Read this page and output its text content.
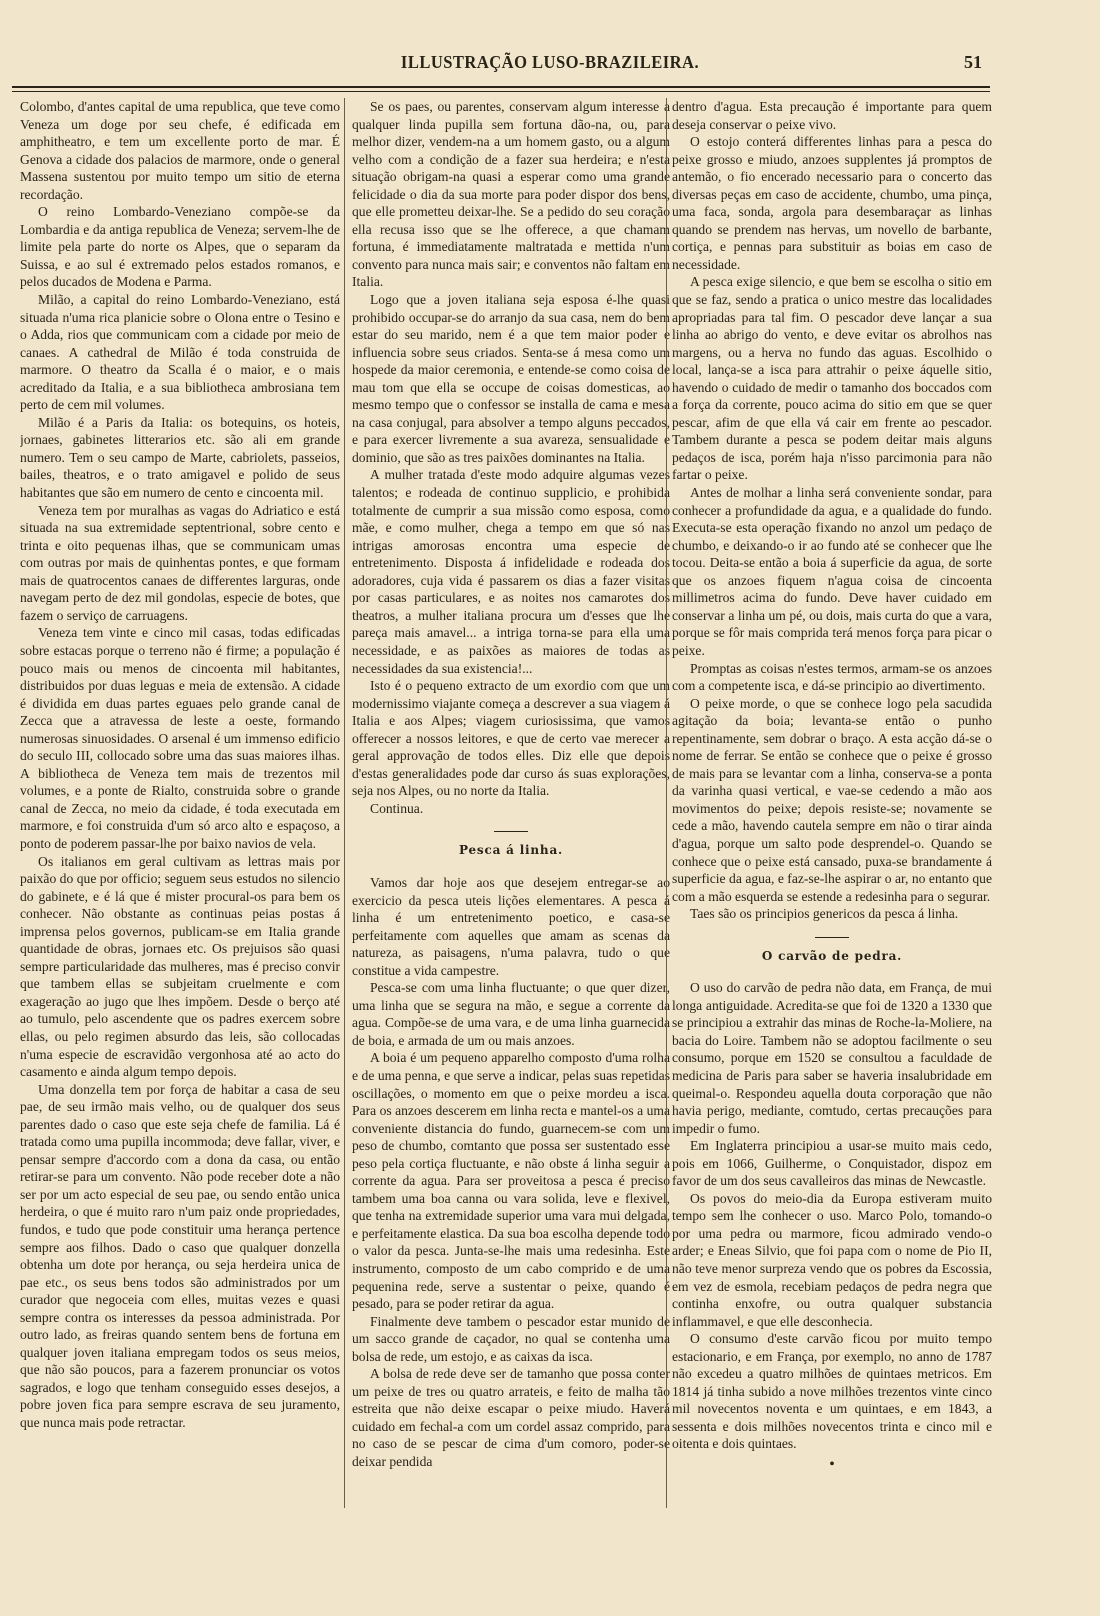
ILLUSTRAÇÃO LUSO-BRAZILEIRA.	51

Colombo, d'antes capital de uma republica, que teve como Veneza um doge por seu chefe, é edificada em amphitheatro, e tem um excellente porto de mar. É Genova a cidade dos palacios de marmore, onde o general Massena sustentou por muito tempo um sitio de eterna recordação.

O reino Lombardo-Veneziano compõe-se da Lombardia e da antiga republica de Veneza; servem-lhe de limite pela parte do norte os Alpes, que o separam da Suissa, e ao sul é extremado pelos estados romanos, e pelos ducados de Modena e Parma.

Milão, a capital do reino Lombardo-Veneziano, está situada n'uma rica planicie sobre o Olona entre o Tesino e o Adda, rios que communicam com a cidade por meio de canaes. A cathedral de Milão é toda construida de marmore. O theatro da Scalla é o maior, e o mais acreditado da Italia, e a sua bibliotheca ambrosiana tem perto de cem mil volumes.

Milão é a Paris da Italia: os botequins, os hoteis, jornaes, gabinetes litterarios etc. são ali em grande numero. Tem o seu campo de Marte, cabriolets, passeios, bailes, theatros, e o trato amigavel e polido de seus habitantes que são em numero de cento e cincoenta mil.

Veneza tem por muralhas as vagas do Adriatico e está situada na sua extremidade septentrional, sobre cento e trinta e oito pequenas ilhas, que se communicam umas com outras por mais de quinhentas pontes, e que formam mais de quatrocentos canaes de differentes larguras, onde navegam perto de dez mil gondolas, especie de botes, que fazem o serviço de carruagens.

Veneza tem vinte e cinco mil casas, todas edificadas sobre estacas porque o terreno não é firme; a população é pouco mais ou menos de cincoenta mil habitantes, distribuidos por duas leguas e meia de extensão. A cidade é dividida em duas partes eguaes pelo grande canal de Zecca que a atravessa de leste a oeste, formando numerosas sinuosidades. O arsenal é um immenso edificio do seculo III, collocado sobre uma das suas maiores ilhas. A bibliotheca de Veneza tem mais de trezentos mil volumes, e a ponte de Rialto, construida sobre o grande canal de Zecca, no meio da cidade, é toda executada em marmore, e foi construida d'um só arco alto e espaçoso, a ponto de poderem passar-lhe por baixo navios de vela.

Os italianos em geral cultivam as lettras mais por paixão do que por officio; seguem seus estudos no silencio do gabinete, e é lá que é mister procural-os para bem os conhecer. Não obstante as continuas peias postas á imprensa pelos governos, publicam-se em Italia grande quantidade de obras, jornaes etc. Os prejuisos são quasi sempre particularidade das mulheres, mas é preciso convir que tambem ellas se subjeitam cruelmente e com exageração ao jugo que lhes impõem. Desde o berço até ao tumulo, pelo ascendente que os padres exercem sobre ellas, ou pelo regimen absurdo das leis, são collocadas n'uma especie de escravidão vergonhosa até ao acto do casamento e ainda algum tempo depois.

Uma donzella tem por força de habitar a casa de seu pae, de seu irmão mais velho, ou de qualquer dos seus parentes dado o caso que este seja chefe de familia. Lá é tratada como uma pupilla incommoda; deve fallar, viver, e pensar sempre d'accordo com a dona da casa, ou então retirar-se para um convento. Não pode receber dote a não ser por um acto especial de seu pae, ou sendo então unica herdeira, o que é muito raro n'um paiz onde propriedades, fundos, e tudo que pode constituir uma herança pertence sempre aos filhos. Dado o caso que qualquer donzella obtenha um dote por herança, ou seja herdeira unica de pae etc., os seus bens todos são administrados por um curador que negoceia com elles, muitas vezes e quasi sempre contra os interesses da pessoa administrada. Por outro lado, as freiras quando sentem bens de fortuna em qualquer joven italiana empregam todos os seus meios, que não são poucos, para a fazerem pronunciar os votos sagrados, e logo que tenham conseguido esses desejos, a pobre joven fica para sempre escrava de seu juramento, que nunca mais pode retractar.

Se os paes, ou parentes, conservam algum interesse a qualquer linda pupilla sem fortuna dão-na, ou, para melhor dizer, vendem-na a um homem gasto, ou a algum velho com a condição de a fazer sua herdeira; e n'esta situação obrigam-na quasi a esperar como uma grande felicidade o dia da sua morte para poder dispor dos bens, que elle prometteu deixar-lhe. Se a pedido do seu coração ella recusa isso que se lhe offerece, a que chamam fortuna, é immediatamente maltratada e mettida n'um convento para nunca mais sair; e conventos não faltam em Italia.

Logo que a joven italiana seja esposa é-lhe quasi prohibido occupar-se do arranjo da sua casa, nem do bem estar do seu marido, nem é a que tem maior poder e influencia sobre seus criados. Senta-se á mesa como um hospede da maior ceremonia, e entende-se como coisa de mau tom que ella se occupe de coisas domesticas, ao mesmo tempo que o confessor se installa de cama e mesa na casa conjugal, para absolver a tempo alguns peccados, e para exercer livremente a sua avareza, sensualidade e dominio, que são as tres paixões dominantes na Italia.

A mulher tratada d'este modo adquire algumas vezes talentos; e rodeada de continuo supplicio, e prohibida totalmente de cumprir a sua missão como esposa, como mãe, e como mulher, chega a tempo em que só nas intrigas amorosas encontra uma especie de entretenimento. Disposta á infidelidade e rodeada dos adoradores, cuja vida é passarem os dias a fazer visitas por casas particulares, e as noites nos camarotes dos theatros, a mulher italiana procura um d'esses que lhe pareça mais amavel... a intriga torna-se para ella uma necessidade, e as paixões as maiores de todas as necessidades da sua existencia!...

Isto é o pequeno extracto de um exordio com que um modernissimo viajante começa a descrever a sua viagem á Italia e aos Alpes; viagem curiosissima, que vamos offerecer a nossos leitores, e que de certo vae merecer a geral approvação de todos elles. Diz elle que depois d'estas generalidades pode dar curso ás suas explorações, seja nos Alpes, ou no norte da Italia.

Continua.

Pesca á linha.

Vamos dar hoje aos que desejem entregar-se ao exercicio da pesca uteis lições elementares. A pesca á linha é um entretenimento poetico, e casa-se perfeitamente com aquelles que amam as scenas da natureza, as paisagens, n'uma palavra, tudo o que constitue a vida campestre.

Pesca-se com uma linha fluctuante; o que quer dizer, uma linha que se segura na mão, e segue a corrente da agua. Compõe-se de uma vara, e de uma linha guarnecida de boia, e armada de um ou mais anzoes.

A boia é um pequeno apparelho composto d'uma rolha e de uma penna, e que serve a indicar, pelas suas repetidas oscillações, o momento em que o peixe mordeu a isca. Para os anzoes descerem em linha recta e mantel-os a uma conveniente distancia do fundo, guarnecem-se com um peso de chumbo, comtanto que possa ser sustentado esse peso pela cortiça fluctuante, e não obste á linha seguir a corrente da agua. Para ser proveitosa a pesca é preciso tambem uma boa canna ou vara solida, leve e flexivel, que tenha na extremidade superior uma vara mui delgada, e perfeitamente elastica. Da sua boa escolha depende todo o valor da pesca. Junta-se-lhe mais uma redesinha. Este instrumento, composto de um cabo comprido e de uma pequenina rede, serve a sustentar o peixe, quando é pesado, para se poder retirar da agua.

Finalmente deve tambem o pescador estar munido de um sacco grande de caçador, no qual se contenha uma bolsa de rede, um estojo, e as caixas da isca.

A bolsa de rede deve ser de tamanho que possa conter um peixe de tres ou quatro arrateis, e feito de malha tão estreita que não deixe escapar o peixe miudo. Haverá cuidado em fechal-a com um cordel assaz comprido, para no caso de se pescar de cima d'um comoro, poder-se deixar pendida

dentro d'agua. Esta precaução é importante para quem deseja conservar o peixe vivo.

O estojo conterá differentes linhas para a pesca do peixe grosso e miudo, anzoes supplentes já promptos de antemão, o fio encerado necessario para o concerto das diversas peças em caso de accidente, chumbo, uma pinça, uma faca, sonda, argola para desembaraçar as linhas quando se prendem nas hervas, um novello de barbante, cortiça, e pennas para substituir as boias em caso de necessidade.

A pesca exige silencio, e que bem se escolha o sitio em que se faz, sendo a pratica o unico mestre das localidades apropriadas para tal fim. O pescador deve lançar a sua linha ao abrigo do vento, e deve evitar os abrolhos nas margens, ou a herva no fundo das aguas. Escolhido o local, lança-se a isca para attrahir o peixe áquelle sitio, havendo o cuidado de medir o tamanho dos boccados com a força da corrente, pouco acima do sitio em que se quer pescar, afim de que ella vá cair em frente ao pescador. Tambem durante a pesca se podem deitar mais alguns pedaços de isca, porém haja n'isso parcimonia para não fartar o peixe.

Antes de molhar a linha será conveniente sondar, para conhecer a profundidade da agua, e a qualidade do fundo. Executa-se esta operação fixando no anzol um pedaço de chumbo, e deixando-o ir ao fundo até se conhecer que lhe tocou. Deita-se então a boia á superficie da agua, de sorte que os anzoes fiquem n'agua coisa de cincoenta millimetros acima do fundo. Deve haver cuidado em conservar a linha um pé, ou dois, mais curta do que a vara, porque se fôr mais comprida terá menos força para picar o peixe.

Promptas as coisas n'estes termos, armam-se os anzoes com a competente isca, e dá-se principio ao divertimento.

O peixe morde, o que se conhece logo pela sacudida agitação da boia; levanta-se então o punho repentinamente, sem dobrar o braço. A esta acção dá-se o nome de ferrar. Se então se conhece que o peixe é grosso de mais para se levantar com a linha, conserva-se a ponta da varinha quasi vertical, e vae-se cedendo a mão aos movimentos do peixe; depois resiste-se; novamente se cede a mão, havendo cautela sempre em não o tirar ainda d'agua, porque um salto pode desprendel-o. Quando se conhece que o peixe está cansado, puxa-se brandamente á superficie da agua, e faz-se-lhe aspirar o ar, no entanto que com a mão esquerda se estende a redesinha para o segurar.

Taes são os principios genericos da pesca á linha.

O carvão de pedra.

O uso do carvão de pedra não data, em França, de mui longa antiguidade. Acredita-se que foi de 1320 a 1330 que se principiou a extrahir das minas de Roche-la-Moliere, na bacia do Loire. Tambem não se adoptou facilmente o seu consumo, porque em 1520 se consultou a faculdade de medicina de Paris para saber se haveria insalubridade em queimal-o. Respondeu aquella douta corporação que não havia perigo, mediante, comtudo, certas precauções para impedir o fumo.

Em Inglaterra principiou a usar-se muito mais cedo, pois em 1066, Guilherme, o Conquistador, dispoz em favor de um dos seus cavalleiros das minas de Newcastle.

Os povos do meio-dia da Europa estiveram muito tempo sem lhe conhecer o uso. Marco Polo, tomando-o por uma pedra ou marmore, ficou admirado vendo-o arder; e Eneas Silvio, que foi papa com o nome de Pio II, não teve menor surpreza vendo que os pobres da Escossia, em vez de esmola, recebiam pedaços de pedra negra que continha enxofre, ou outra qualquer substancia inflammavel, e que elle desconhecia.

O consumo d'este carvão ficou por muito tempo estacionario, e em França, por exemplo, no anno de 1787 não excedeu a quatro milhões de quintaes metricos. Em 1814 já tinha subido a nove milhões trezentos vinte cinco mil novecentos noventa e um quintaes, e em 1843, a sessenta e dois milhões novecentos trinta e cinco mil e oitenta e dois quintaes.

•
